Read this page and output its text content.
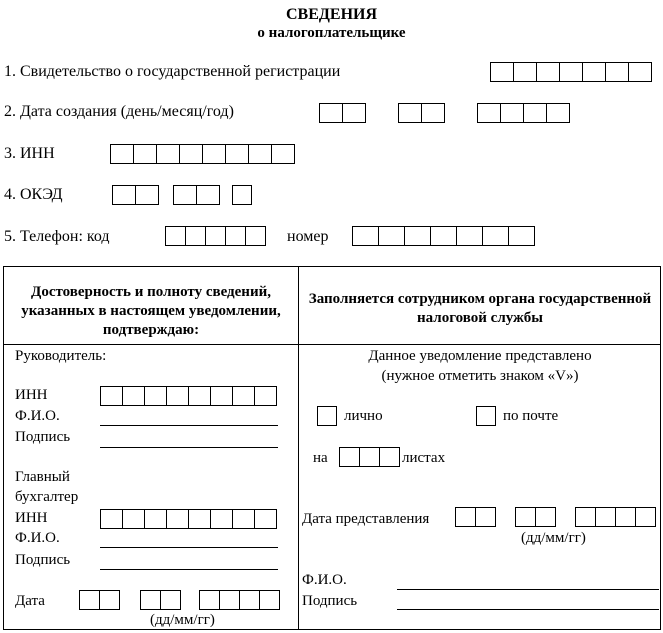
СВЕДЕНИЯ
о налогоплательщике
1. Свидетельство о государственной регистрации
2. Дата создания (день/месяц/год)
3. ИНН
4. ОКЭД
5. Телефон: код	номер
Достоверность и полноту сведений, указанных в настоящем уведомлении, подтверждаю:
Заполняется сотрудником органа государственной налоговой службы
Руководитель:
ИНН
Ф.И.О.
Подпись
Главный
бухгалтер
ИНН
Ф.И.О.
Подпись
Дата
(дд/мм/гг)
Данное уведомление представлено
(нужное отметить знаком «V»)
лично	по почте
на	листах
Дата представления
(дд/мм/гг)
Ф.И.О.
Подпись
